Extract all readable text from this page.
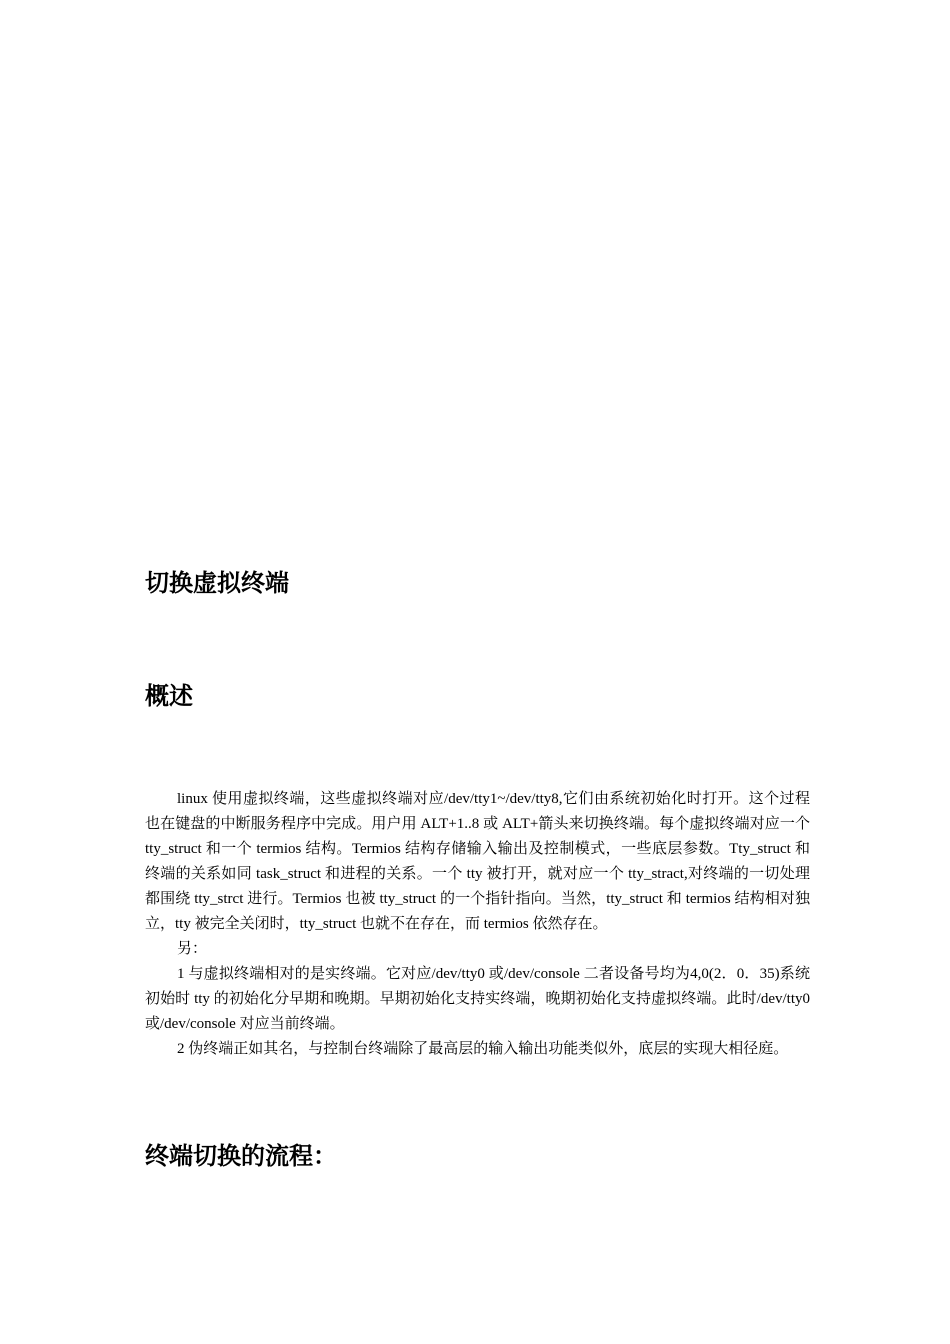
切换虚拟终端
概述

linux 使用虚拟终端，这些虚拟终端对应/dev/tty1~/dev/tty8,它们由系统初始化时打开。这个过程也在键盘的中断服务程序中完成。用户用 ALT+1..8 或 ALT+箭头来切换终端。每个虚拟终端对应一个 tty_struct 和一个 termios 结构。Termios 结构存储输入输出及控制模式，一些底层参数。Tty_struct 和终端的关系如同 task_struct 和进程的关系。一个 tty 被打开，就对应一个 tty_stract,对终端的一切处理都围绕 tty_strct 进行。Termios 也被 tty_struct 的一个指针指向。当然，tty_struct 和 termios 结构相对独立，tty 被完全关闭时，tty_struct 也就不在存在，而 termios 依然存在。

另：

1 与虚拟终端相对的是实终端。它对应/dev/tty0 或/dev/console 二者设备号均为4,0(2．0．35)系统初始时 tty 的初始化分早期和晚期。早期初始化支持实终端，晚期初始化支持虚拟终端。此时/dev/tty0 或/dev/console 对应当前终端。

2 伪终端正如其名，与控制台终端除了最高层的输入输出功能类似外，底层的实现大相径庭。

终端切换的流程：
